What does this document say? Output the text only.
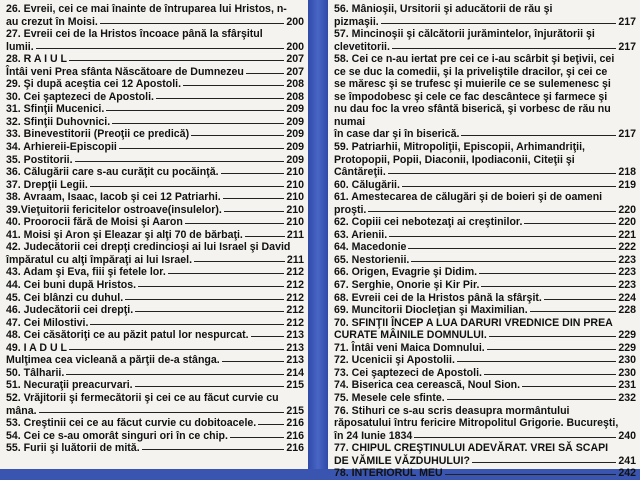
26. Evreii, cei ce mai înainte de întruparea lui Hristos, n-
au crezut în Moisi.	200
27. Evreii cei de la Hristos încoace până la sfârşitul
lumii.	200
28. R A I U L	207
Întâi veni Prea sfânta Născătoare de Dumnezeu	207
29. Şi după aceştia cei 12 Apostoli.	208
30. Cei şaptezeci de Apostoli.	208
31. Sfinţii Mucenici.	209
32. Sfinţii Duhovnici.	209
33. Binevestitorii (Preoţii ce predică)	209
34. Arhiereii-Episcopii	209
35. Postitorii.	209
36. Călugării care s-au curăţit cu pocăinţă.	210
37. Drepţii Legii.	210
38. Avraam, Isaac, Iacob şi cei 12 Patriarhi.	210
39.Vieţuitorii fericitelor ostroave(insulelor).	210
40. Proorocii fără de Moisi şi Aaron	210
41. Moisi şi Aron şi Eleazar şi alţi 70 de bărbaţi.	211
42. Judecătorii cei drepţi credincioşi ai lui Israel şi David
împăratul cu alţi împăraţi ai lui Israel.	211
43. Adam şi Eva, fiii şi fetele lor.	212
44. Cei buni după Hristos.	212
45. Cei blânzi cu duhul.	212
46. Judecătorii cei drepţi.	212
47. Cei Milostivi.	212
48. Cei căsătoriţi ce au păzit patul lor nespurcat.	213
49. I A D U L	213
Mulţimea cea vicleană a părţii de-a stânga.	213
50. Tâlharii.	214
51. Necuraţii preacurvari.	215
52. Vrăjitorii şi fermecătorii şi cei ce au făcut curvie cu
mâna.	215
53. Creştinii cei ce au făcut curvie cu dobitoacele.	216
54. Cei ce s-au omorât singuri ori în ce chip.	216
55. Furii şi luătorii de mită.	216
56. Mânioşii, Ursitorii şi aducătorii de rău şi
pizmaşii.	217
57. Mincinoşii şi călcătorii jurămintelor, înjurătorii şi
clevetitorii.	217
58. Cei ce n-au iertat pre cei ce i-au scârbit şi beţivii, cei
ce se duc la comedii, şi la priveliştile dracilor, şi cei ce
se măresc şi se trufesc şi muierile ce se sulemenesc şi
se împodobesc şi cele ce fac descântece şi farmece şi
nu dau foc la vreo sfântă biserică, şi vorbesc de rău nu numai
în case dar şi în biserică.	217
59. Patriarhii, Mitropoliţii, Episcopii, Arhimandriţii,
Protopopii, Popii, Diaconii, Ipodiaconii, Citeţii şi
Cântăreţii.	218
60. Călugării.	219
61. Amestecarea de călugări şi de boieri şi de oameni
proşti.	220
62. Copiii cei nebotezaţi ai creştinilor.	220
63. Arienii.	221
64. Macedonie	222
65. Nestorienii.	223
66. Origen, Evagrie şi Didim.	223
67. Serghie, Onorie şi Kir Pir.	223
68. Evreii cei de la Hristos până la sfârşit.	224
69. Muncitorii Diocleţian şi Maximilian.	228
70. SFINŢII ÎNCEP A LUA DARURI VREDNICE DIN PREA
CURATE MÂINILE DOMNULUI.	229
71. Întâi veni Maica Domnului.	229
72. Ucenicii şi Apostolii.	230
73. Cei şaptezeci de Apostoli.	230
74. Biserica cea cerească, Noul Sion.	231
75. Mesele cele sfinte.	232
76. Stihuri ce s-au scris deasupra mormântului
răposatului întru fericire Mitropolitul Grigorie. Bucureşti,
în 24 Iunie 1834	240
77. CHIPUL CREŞTINULUI ADEVĂRAT. VREI SĂ SCAPI
DE VĂMILE VĂZDUHULUI?	241
78. INTERIORUL MEU	242
